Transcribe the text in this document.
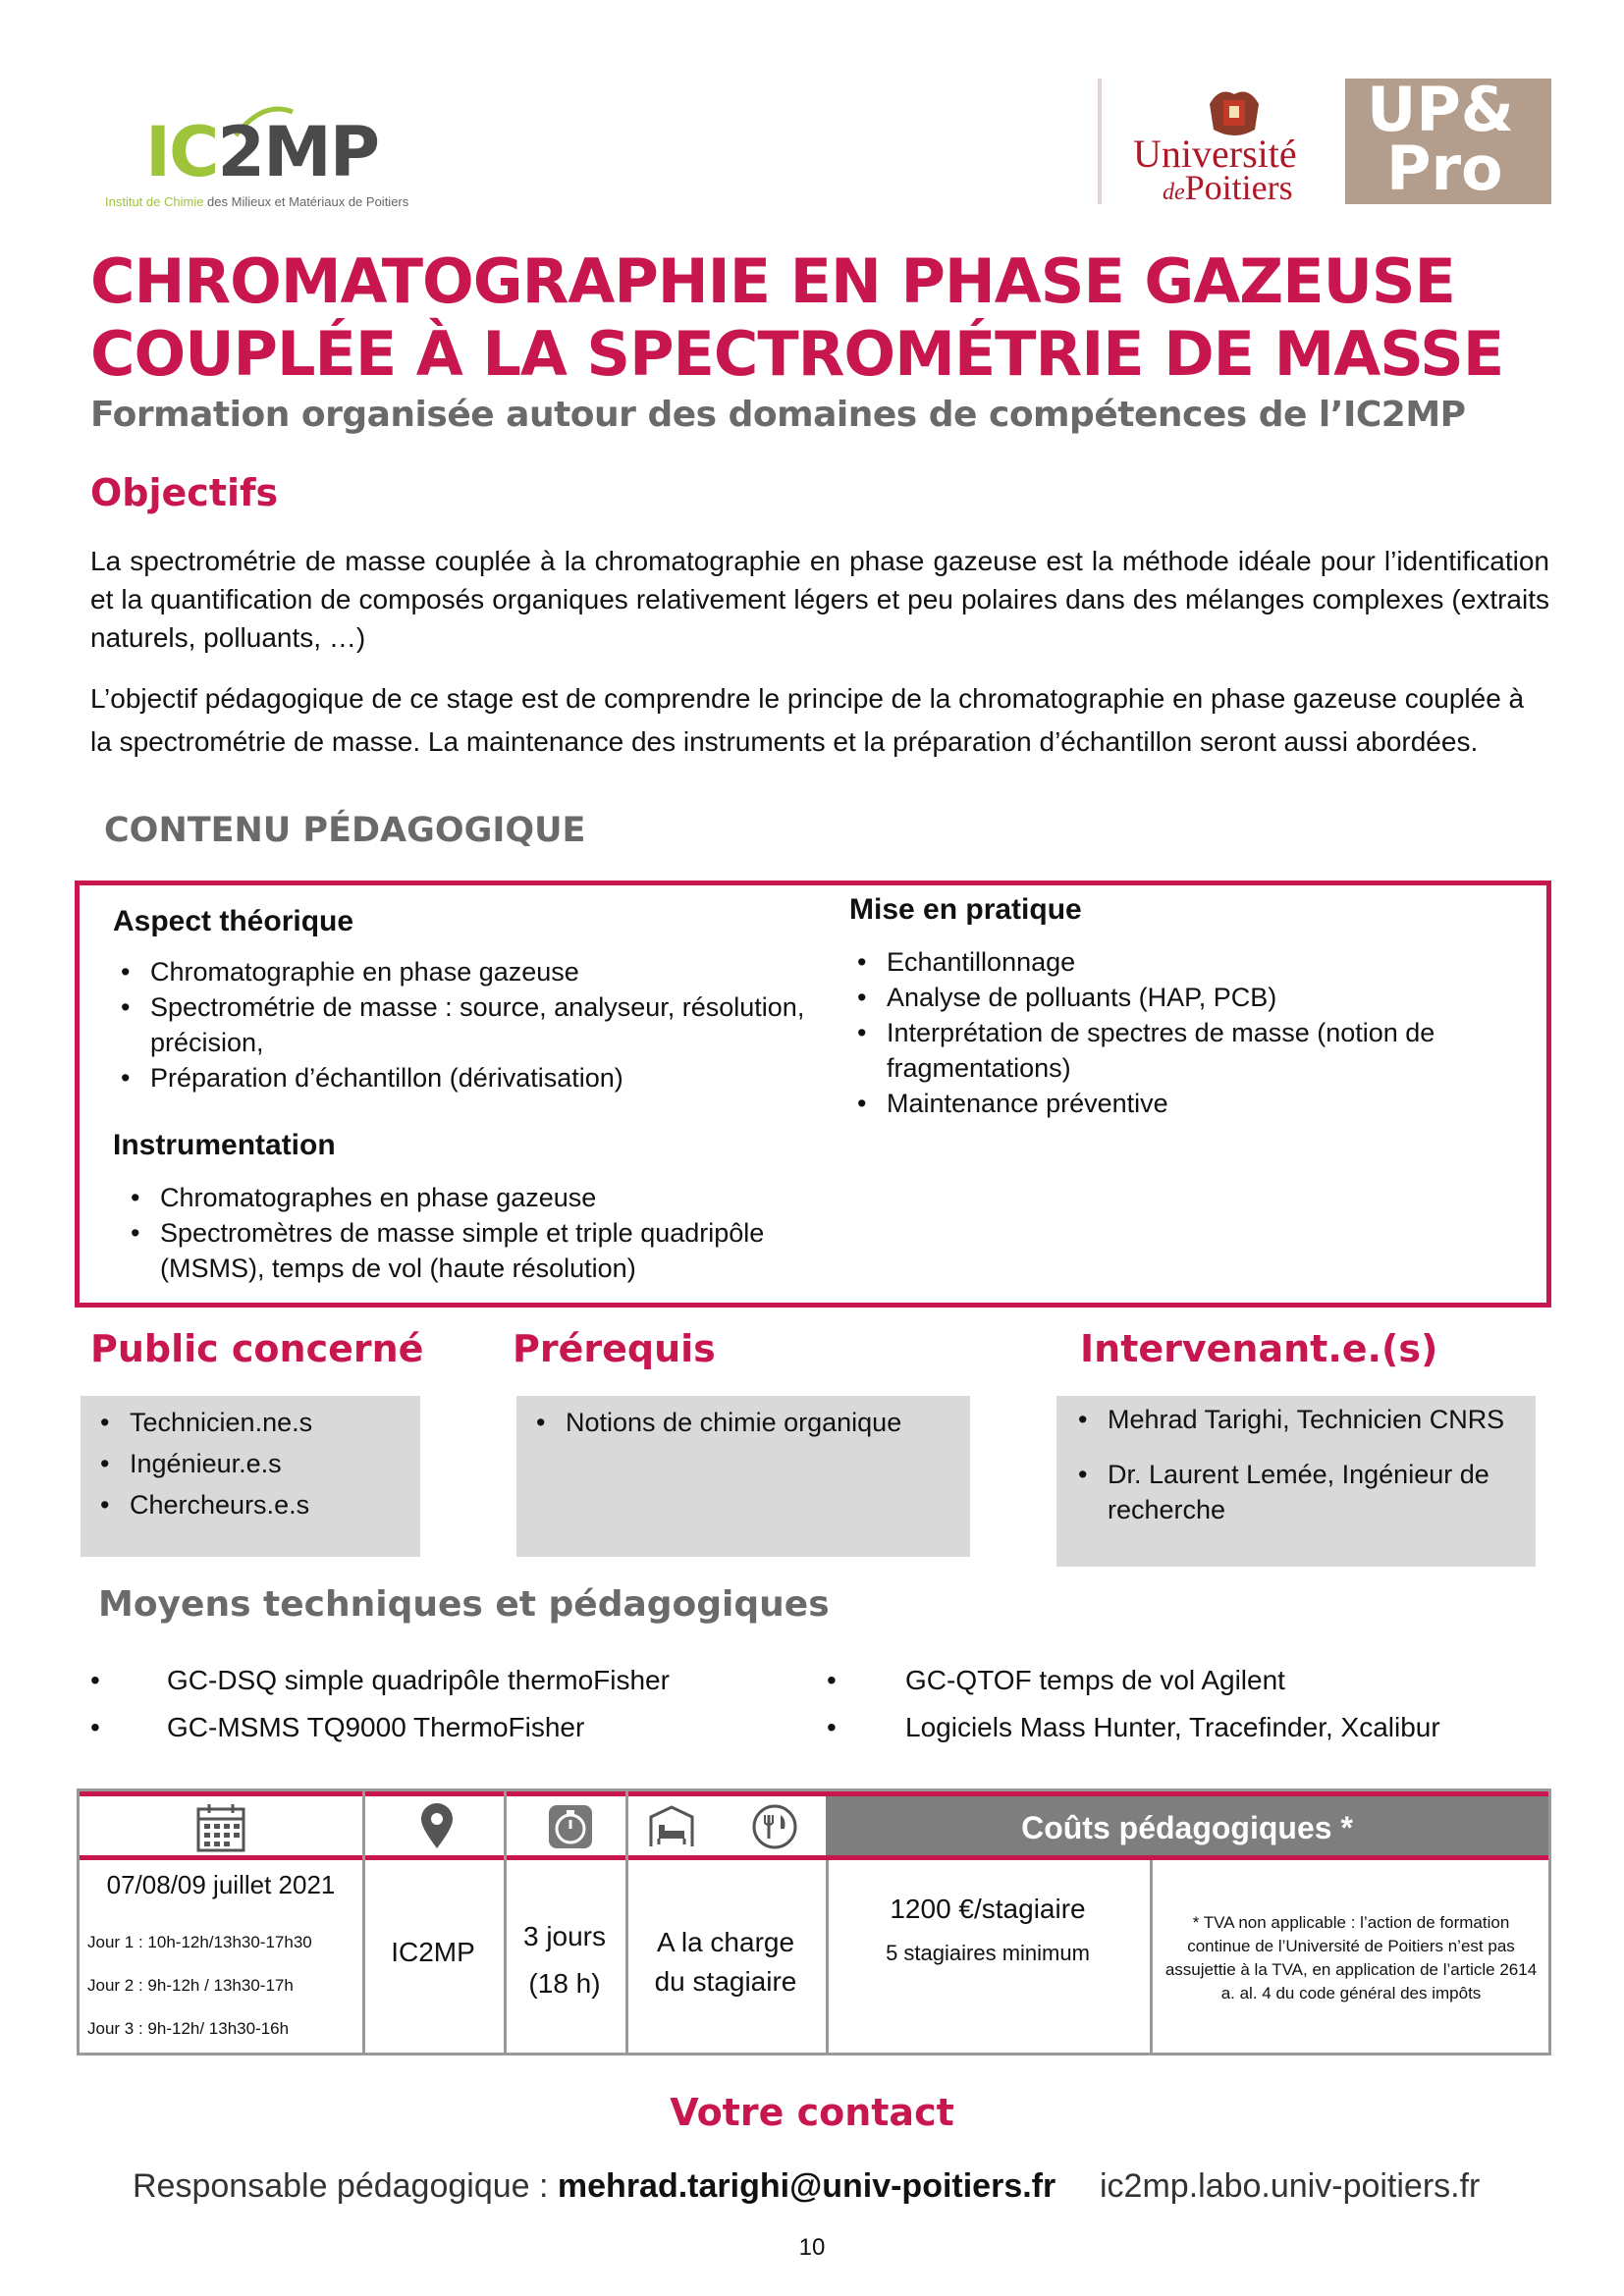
IC2MP
Institut de Chimie des Milieux et Matériaux de Poitiers
Université
dePoitiers
UP&
Pro
CHROMATOGRAPHIE EN PHASE GAZEUSE
COUPLÉE À LA SPECTROMÉTRIE DE MASSE
Formation organisée autour des domaines de compétences de l’IC2MP
Objectifs
La spectrométrie de masse couplée à la chromatographie en phase gazeuse est la méthode idéale pour l’identification et la quantification de composés organiques relativement légers et peu polaires dans des mélanges complexes (extraits naturels, polluants, …)
L’objectif pédagogique de ce stage est de comprendre le principe de la chromatographie en phase gazeuse couplée à la spectrométrie de masse. La maintenance des instruments et la préparation d’échantillon seront aussi abordées.
CONTENU PÉDAGOGIQUE
Aspect théorique
• Chromatographie en phase gazeuse
• Spectrométrie de masse : source, analyseur, résolution, précision,
• Préparation d’échantillon (dérivatisation)
Instrumentation
• Chromatographes en phase gazeuse
• Spectromètres de masse simple et triple quadripôle (MSMS), temps de vol (haute résolution)
Mise en pratique
• Echantillonnage
• Analyse de polluants (HAP, PCB)
• Interprétation de spectres de masse (notion de fragmentations)
• Maintenance préventive
Public concerné
• Technicien.ne.s
• Ingénieur.e.s
• Chercheurs.e.s
Prérequis
• Notions de chimie organique
Intervenant.e.(s)
• Mehrad Tarighi, Technicien CNRS
• Dr. Laurent Lemée, Ingénieur de recherche
Moyens techniques et pédagogiques
• GC-DSQ simple quadripôle thermoFisher
• GC-MSMS TQ9000 ThermoFisher
•	GC-QTOF temps de vol Agilent
•	Logiciels Mass Hunter, Tracefinder, Xcalibur
Coûts pédagogiques *
07/08/09 juillet 2021
Jour 1 : 10h-12h/13h30-17h30
Jour 2 : 9h-12h / 13h30-17h
Jour 3 : 9h-12h/ 13h30-16h
IC2MP
3 jours
(18 h)
A la charge
du stagiaire
1200 €/stagiaire
5 stagiaires minimum
* TVA non applicable : l’action de formation continue de l’Université de Poitiers n’est pas assujettie à la TVA, en application de l’article 2614 a. al. 4 du code général des impôts
Votre contact
Responsable pédagogique : mehrad.tarighi@univ-poitiers.fr ic2mp.labo.univ-poitiers.fr
10
